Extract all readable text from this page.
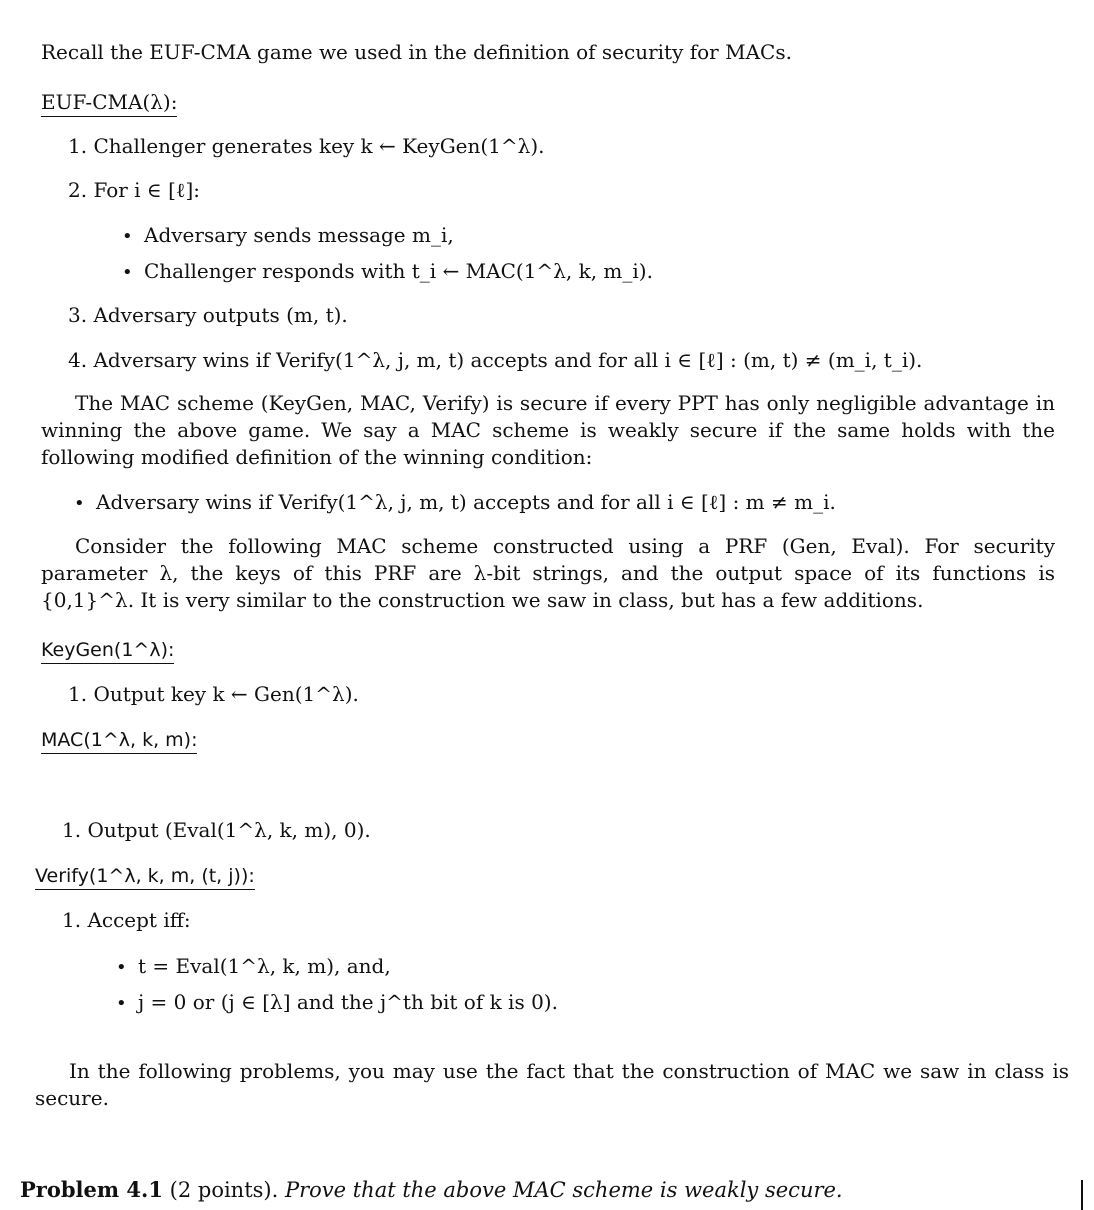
Recall the EUF-CMA game we used in the definition of security for MACs.
EUF-CMA(λ):
1. Challenger generates key k ← KeyGen(1^λ).
2. For i ∈ [ℓ]:
• Adversary sends message m_i,
• Challenger responds with t_i ← MAC(1^λ, k, m_i).
3. Adversary outputs (m, t).
4. Adversary wins if Verify(1^λ, j, m, t) accepts and for all i ∈ [ℓ] : (m, t) ≠ (m_i, t_i).

The MAC scheme (KeyGen, MAC, Verify) is secure if every PPT has only negligible advantage in winning the above game. We say a MAC scheme is weakly secure if the same holds with the following modified definition of the winning condition:

• Adversary wins if Verify(1^λ, j, m, t) accepts and for all i ∈ [ℓ] : m ≠ m_i.

Consider the following MAC scheme constructed using a PRF (Gen, Eval). For security parameter λ, the keys of this PRF are λ-bit strings, and the output space of its functions is {0,1}^λ. It is very similar to the construction we saw in class, but has a few additions.

KeyGen(1^λ):
1. Output key k ← Gen(1^λ).
MAC(1^λ, k, m):
1. Output (Eval(1^λ, k, m), 0).
Verify(1^λ, k, m, (t, j)):
1. Accept iff:
• t = Eval(1^λ, k, m), and,
• j = 0 or (j ∈ [λ] and the j^th bit of k is 0).

In the following problems, you may use the fact that the construction of MAC we saw in class is secure.

Problem 4.1 (2 points). Prove that the above MAC scheme is weakly secure.
